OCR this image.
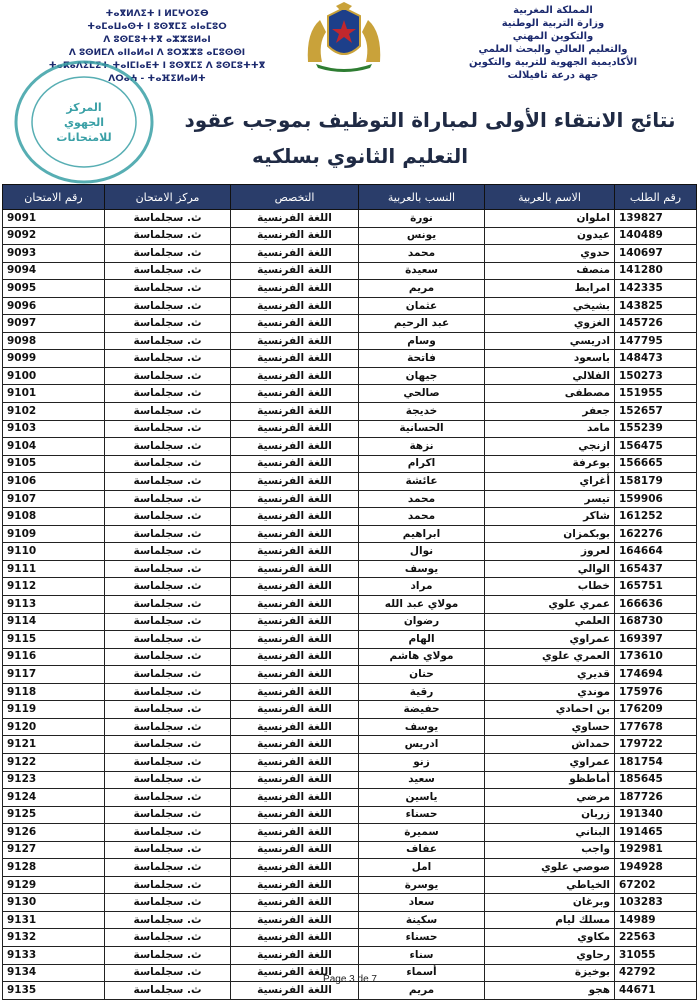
ⵜⴰⴳⵍⴷⵉⵜ ⵏ ⵍⵎⵖⵔⵉⴱ
ⵜⴰⵎⴰⵡⴰⵙⵜ ⵏ ⵓⵙⴳⵎⵉ ⴰⵏⴰⵎⵓⵔ
ⴷ ⵓⵙⵎⵓⵜⵜⴳ ⴰⵣⵣⵓⵍⴰⵏ
ⴷ ⵓⵙⵍⵎⴷ ⴰⵏⵏⴰⵍⴰⵏ ⴷ ⵓⵔⵣⵣⵓ ⴰⵎⵓⵙⵙⵏ
ⵜⴰⴽⴰⴷⵉⵎⵉⵜ ⵜⴰⵏⵎⵏⴰⴹⵜ ⵏ ⵓⵙⴳⵎⵉ ⴷ ⵓⵙⵎⵓⵜⵜⴳ
ⴷⵔⴰⵄ - ⵜⴰⴼⵉⵍⴰⵍⵜ
المملكة المغربية
وزارة التربية الوطنية
والتكوين المهني
والتعليم العالي والبحث العلمي
الأكاديمية الجهوية للتربية والتكوين
جهة درعة تافيلالت
المركز
الجهوي
للامتحانات
نتائج الانتقاء الأولى لمباراة التوظيف بموجب عقود
التعليم الثانوي بسلكيه
رقم الطلب	الاسم بالعربية	النسب بالعربية	التخصص	مركز الامتحان	رقم الامتحان
139827	املوان	نورة	اللغة الفرنسية	ث. سجلماسة	9091
140489	عيدون	يونس	اللغة الفرنسية	ث. سجلماسة	9092
140697	حدوي	محمد	اللغة الفرنسية	ث. سجلماسة	9093
141280	منصف	سعيدة	اللغة الفرنسية	ث. سجلماسة	9094
142335	امرابط	مريم	اللغة الفرنسية	ث. سجلماسة	9095
143825	بشيخي	عثمان	اللغة الفرنسية	ث. سجلماسة	9096
145726	الغزوي	عبد الرحيم	اللغة الفرنسية	ث. سجلماسة	9097
147795	ادريسي	وسام	اللغة الفرنسية	ث. سجلماسة	9098
148473	باسعود	فاتحة	اللغة الفرنسية	ث. سجلماسة	9099
150273	الفلالي	جيهان	اللغة الفرنسية	ث. سجلماسة	9100
151955	مصطفى	صالحي	اللغة الفرنسية	ث. سجلماسة	9101
152657	جعفر	خديجة	اللغة الفرنسية	ث. سجلماسة	9102
155239	مامد	الحسانية	اللغة الفرنسية	ث. سجلماسة	9103
156475	ازنجي	نزهة	اللغة الفرنسية	ث. سجلماسة	9104
156665	بوعرفة	اكرام	اللغة الفرنسية	ث. سجلماسة	9105
158179	أغراي	عائشة	اللغة الفرنسية	ث. سجلماسة	9106
159906	تيسر	محمد	اللغة الفرنسية	ث. سجلماسة	9107
161252	شاكر	محمد	اللغة الفرنسية	ث. سجلماسة	9108
162276	بوبكمزان	ابراهيم	اللغة الفرنسية	ث. سجلماسة	9109
164664	لعروز	نوال	اللغة الفرنسية	ث. سجلماسة	9110
165437	الوالي	يوسف	اللغة الفرنسية	ث. سجلماسة	9111
165751	خطاب	مراد	اللغة الفرنسية	ث. سجلماسة	9112
166636	عمري علوي	مولاي عبد الله	اللغة الفرنسية	ث. سجلماسة	9113
168730	العلمي	رضوان	اللغة الفرنسية	ث. سجلماسة	9114
169397	عمراوي	الهام	اللغة الفرنسية	ث. سجلماسة	9115
173610	العمري علوي	مولاي هاشم	اللغة الفرنسية	ث. سجلماسة	9116
174694	قديري	حنان	اللغة الفرنسية	ث. سجلماسة	9117
175976	موندي	رقية	اللغة الفرنسية	ث. سجلماسة	9118
176209	بن احمادي	حفيضة	اللغة الفرنسية	ث. سجلماسة	9119
177678	حساوي	يوسف	اللغة الفرنسية	ث. سجلماسة	9120
179722	حمداش	ادريس	اللغة الفرنسية	ث. سجلماسة	9121
181754	عمراوي	زنو	اللغة الفرنسية	ث. سجلماسة	9122
185645	أماطظو	سعيد	اللغة الفرنسية	ث. سجلماسة	9123
187726	مرضي	ياسين	اللغة الفرنسية	ث. سجلماسة	9124
191340	زربان	حسناء	اللغة الفرنسية	ث. سجلماسة	9125
191465	البناني	سميرة	اللغة الفرنسية	ث. سجلماسة	9126
192981	واجب	عفاف	اللغة الفرنسية	ث. سجلماسة	9127
194928	صوصي علوي	امل	اللغة الفرنسية	ث. سجلماسة	9128
67202	الخياطي	يوسرة	اللغة الفرنسية	ث. سجلماسة	9129
103283	وبرغان	سعاد	اللغة الفرنسية	ث. سجلماسة	9130
14989	مسلك ليام	سكينة	اللغة الفرنسية	ث. سجلماسة	9131
22563	مكاوي	حسناء	اللغة الفرنسية	ث. سجلماسة	9132
31055	رحاوي	سناء	اللغة الفرنسية	ث. سجلماسة	9133
42792	بوخيزة	أسماء	اللغة الفرنسية	ث. سجلماسة	9134
44671	هجو	مريم	اللغة الفرنسية	ث. سجلماسة	9135
Page 3 de 7
